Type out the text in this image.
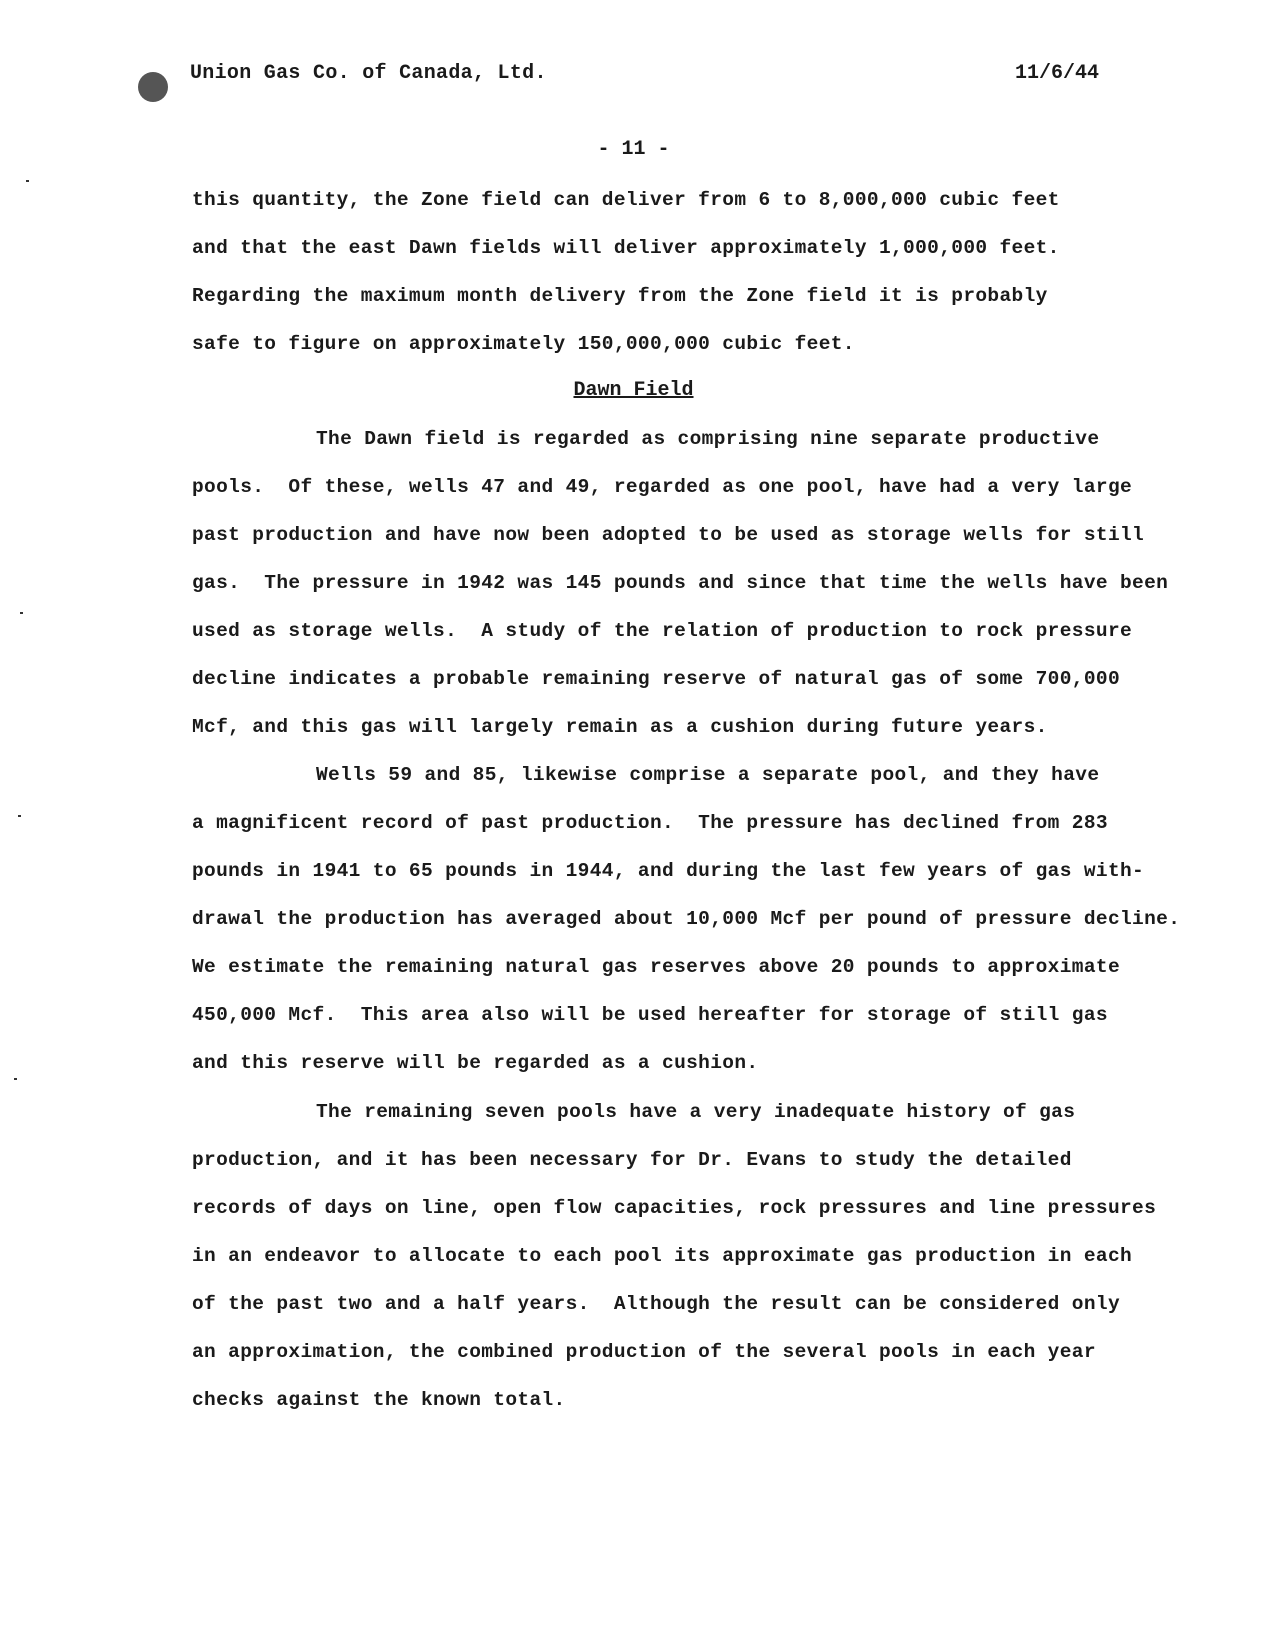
Union Gas Co. of Canada, Ltd.	11/6/44
- 11 -
this quantity, the Zone field can deliver from 6 to 8,000,000 cubic feet
and that the east Dawn fields will deliver approximately 1,000,000 feet.
Regarding the maximum month delivery from the Zone field it is probably
safe to figure on approximately 150,000,000 cubic feet.
Dawn Field
The Dawn field is regarded as comprising nine separate productive
pools.  Of these, wells 47 and 49, regarded as one pool, have had a very large
past production and have now been adopted to be used as storage wells for still
gas.  The pressure in 1942 was 145 pounds and since that time the wells have been
used as storage wells.  A study of the relation of production to rock pressure
decline indicates a probable remaining reserve of natural gas of some 700,000
Mcf, and this gas will largely remain as a cushion during future years.
Wells 59 and 85, likewise comprise a separate pool, and they have
a magnificent record of past production.  The pressure has declined from 283
pounds in 1941 to 65 pounds in 1944, and during the last few years of gas with-
drawal the production has averaged about 10,000 Mcf per pound of pressure decline.
We estimate the remaining natural gas reserves above 20 pounds to approximate
450,000 Mcf.  This area also will be used hereafter for storage of still gas
and this reserve will be regarded as a cushion.
The remaining seven pools have a very inadequate history of gas
production, and it has been necessary for Dr. Evans to study the detailed
records of days on line, open flow capacities, rock pressures and line pressures
in an endeavor to allocate to each pool its approximate gas production in each
of the past two and a half years.  Although the result can be considered only
an approximation, the combined production of the several pools in each year
checks against the known total.
